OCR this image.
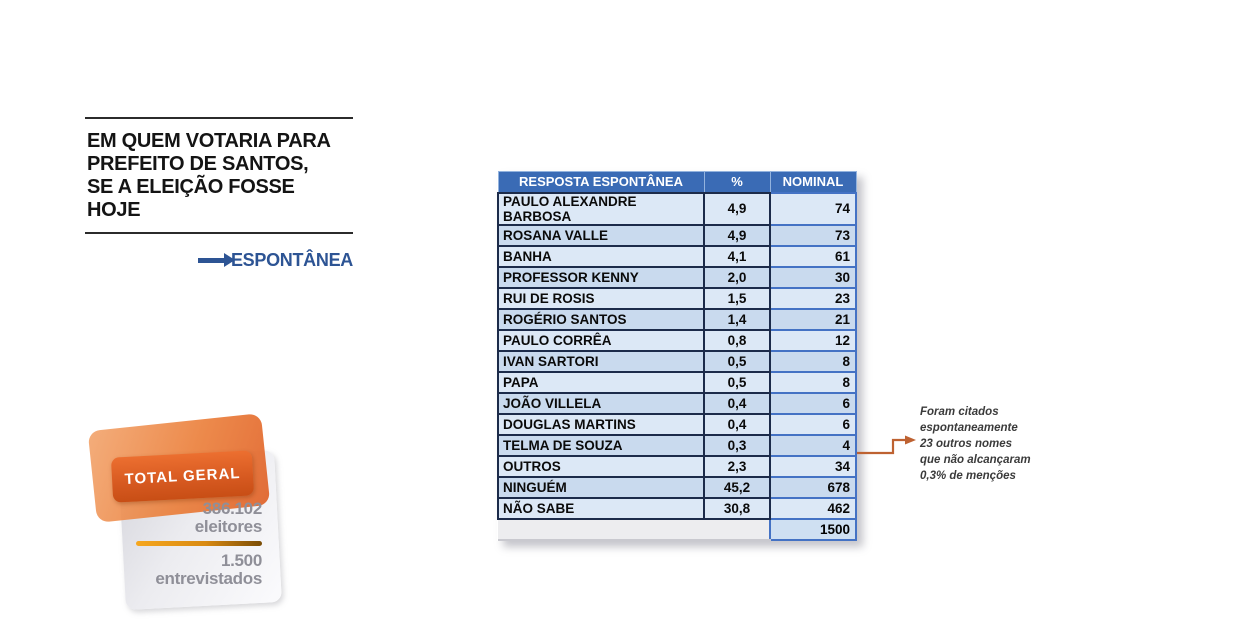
EM QUEM VOTARIA PARA
PREFEITO DE SANTOS,
SE A ELEIÇÃO FOSSE HOJE
ESPONTÂNEA
RESPOSTA ESPONTÂNEA	%	NOMINAL
PAULO ALEXANDRE BARBOSA	4,9	74
ROSANA VALLE	4,9	73
BANHA	4,1	61
PROFESSOR KENNY	2,0	30
RUI DE ROSIS	1,5	23
ROGÉRIO SANTOS	1,4	21
PAULO CORRÊA	0,8	12
IVAN SARTORI	0,5	8
PAPA	0,5	8
JOÃO VILLELA	0,4	6
DOUGLAS MARTINS	0,4	6
TELMA DE SOUZA	0,3	4
OUTROS	2,3	34
NINGUÉM	45,2	678
NÃO SABE	30,8	462
		1500
Foram citados
espontaneamente
23 outros nomes
que não alcançaram
0,3% de menções
TOTAL GERAL
386.102
eleitores
1.500
entrevistados
